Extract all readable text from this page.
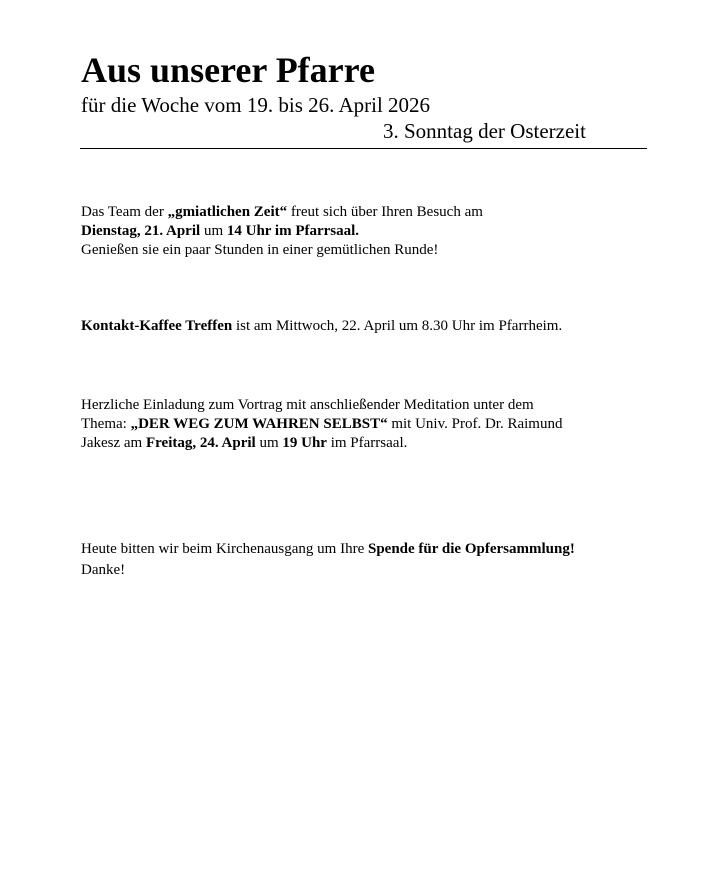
Aus unserer Pfarre

für die Woche vom 19. bis 26. April 2026

3. Sonntag der Osterzeit

Das Team der „gmiatlichen Zeit“ freut sich über Ihren Besuch am
Dienstag, 21. April um 14 Uhr im Pfarrsaal.
Genießen sie ein paar Stunden in einer gemütlichen Runde!

Kontakt-Kaffee Treffen ist am Mittwoch, 22. April um 8.30 Uhr im Pfarrheim.

Herzliche Einladung zum Vortrag mit anschließender Meditation unter dem
Thema: „DER WEG ZUM WAHREN SELBST“ mit Univ. Prof. Dr. Raimund
Jakesz am Freitag, 24. April um 19 Uhr im Pfarrsaal.

Heute bitten wir beim Kirchenausgang um Ihre Spende für die Opfersammlung!
Danke!
